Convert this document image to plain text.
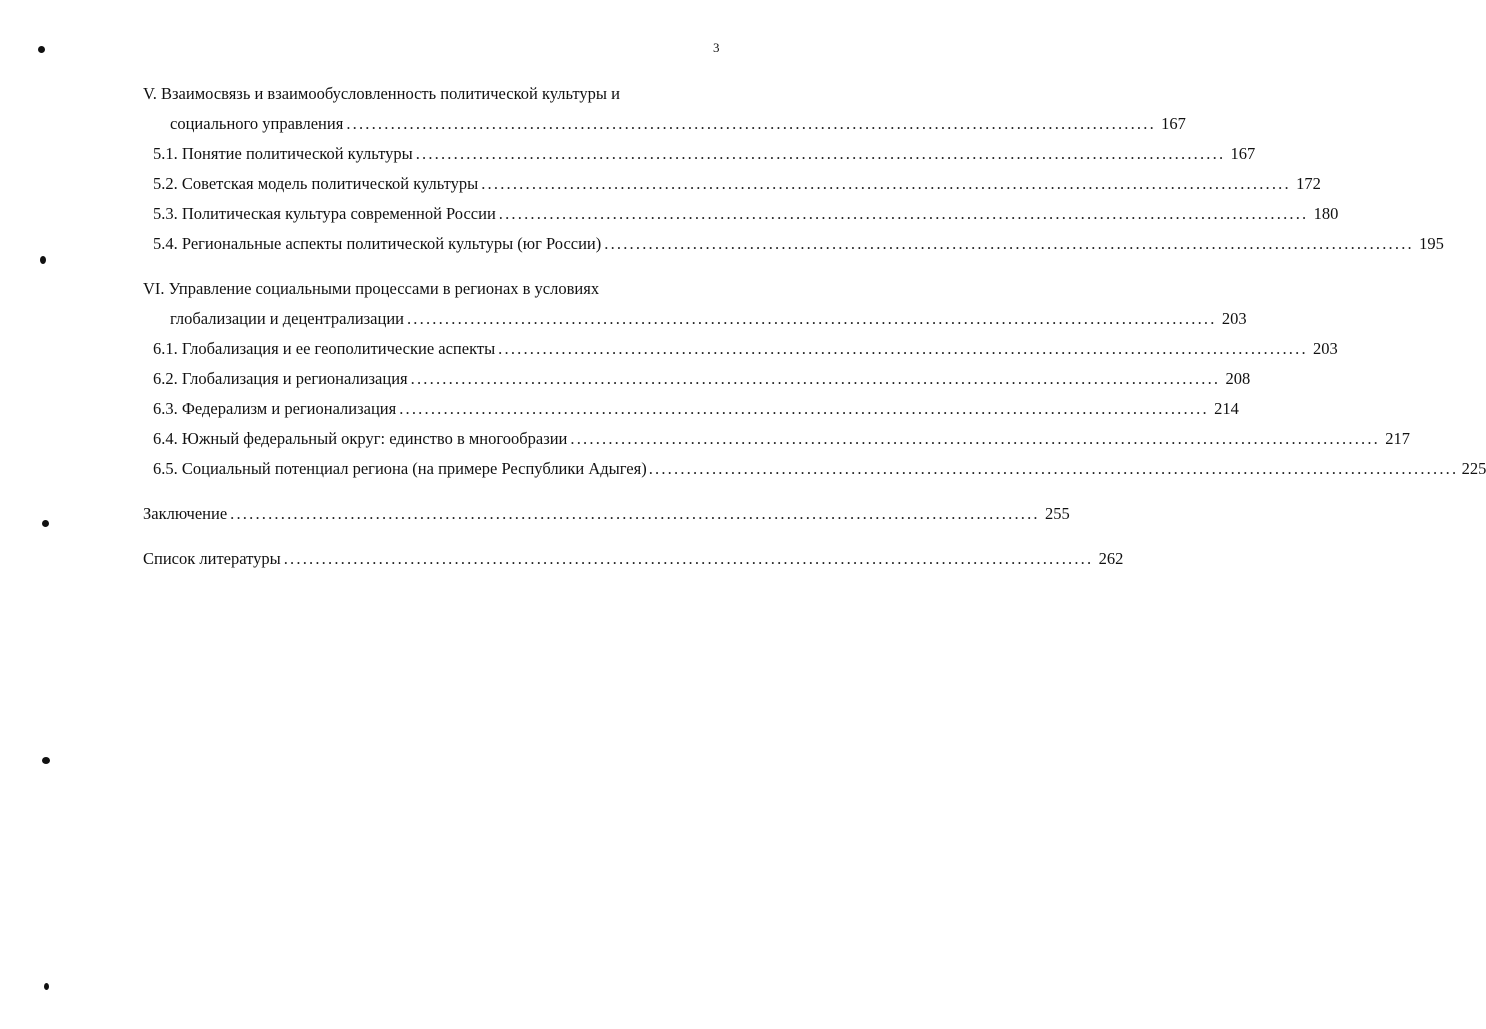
3
V. Взаимосвязь и взаимообусловленность политической культуры и
социального управления ................................................................................................................................ 167
5.1. Понятие политической культуры ................................................................................................................................ 167
5.2. Советская модель политической культуры ................................................................................................................................ 172
5.3. Политическая культура современной России ................................................................................................................................ 180
5.4. Региональные аспекты политической культуры (юг России) ................................................................................................................................ 195
VI. Управление социальными процессами в регионах в условиях
глобализации и децентрализации ................................................................................................................................ 203
6.1. Глобализация и ее геополитические аспекты ................................................................................................................................ 203
6.2. Глобализация и регионализация ................................................................................................................................ 208
6.3. Федерализм и регионализация ................................................................................................................................ 214
6.4. Южный федеральный округ: единство в многообразии ................................................................................................................................ 217
6.5. Социальный потенциал региона (на примере Республики Адыгея) ................................................................................................................................ 225
Заключение ................................................................................................................................ 255
Список литературы ................................................................................................................................ 262
